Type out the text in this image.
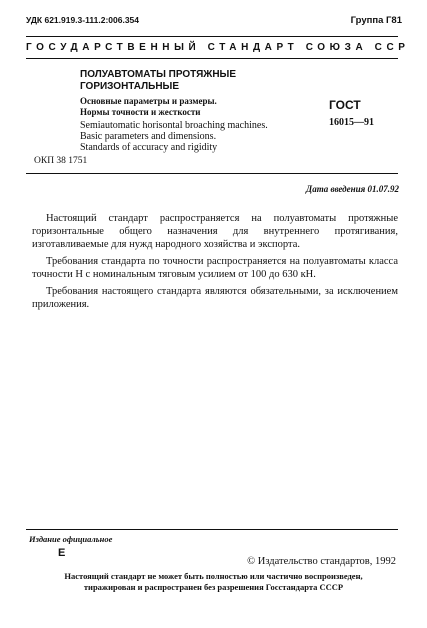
УДК 621.919.3-111.2:006.354	Группа Г81
ГОСУДАРСТВЕННЫЙ СТАНДАРТ СОЮЗА ССР
ПОЛУАВТОМАТЫ ПРОТЯЖНЫЕ
ГОРИЗОНТАЛЬНЫЕ
Основные параметры и размеры.
Нормы точности и жесткости
Semiautomatic horisontal broaching machines.
Basic parameters and dimensions.
Standards of accuracy and rigidity
ГОСТ
16015—91
ОКП 38 1751
Дата введения 01.07.92

Настоящий стандарт распространяется на полуавтоматы протяжные горизонтальные общего назначения для внутреннего протягивания, изготавливаемые для нужд народного хозяйства и экспорта.

Требования стандарта по точности распространяется на полуавтоматы класса точности Н с номинальным тяговым усилием от 100 до 630 кН.

Требования настоящего стандарта являются обязательными, за исключением приложения.

Издание официальное
Е
© Издательство стандартов, 1992
Настоящий стандарт не может быть полностью или частично воспроизведен,
тиражирован и распространен без разрешения Госстандарта СССР
